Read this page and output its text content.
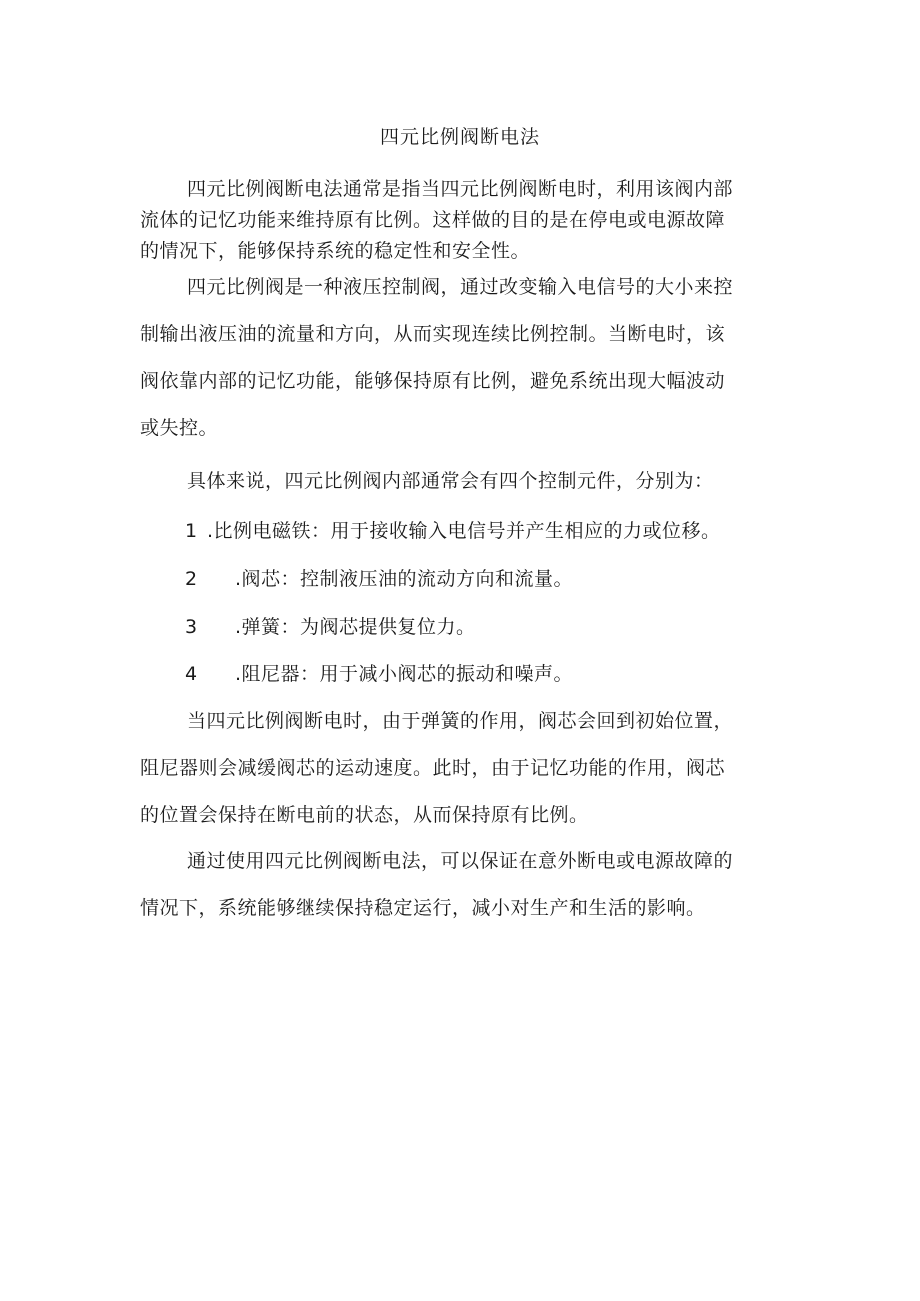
四元比例阀断电法

四元比例阀断电法通常是指当四元比例阀断电时，利用该阀内部
流体的记忆功能来维持原有比例。这样做的目的是在停电或电源故障
的情况下，能够保持系统的稳定性和安全性。

四元比例阀是一种液压控制阀，通过改变输入电信号的大小来控
制输出液压油的流量和方向，从而实现连续比例控制。当断电时，该
阀依靠内部的记忆功能，能够保持原有比例，避免系统出现大幅波动
或失控。

具体来说，四元比例阀内部通常会有四个控制元件，分别为：

1 .比例电磁铁：用于接收输入电信号并产生相应的力或位移。
2 .阀芯：控制液压油的流动方向和流量。
3 .弹簧：为阀芯提供复位力。
4 .阻尼器：用于减小阀芯的振动和噪声。

当四元比例阀断电时，由于弹簧的作用，阀芯会回到初始位置，
阻尼器则会减缓阀芯的运动速度。此时，由于记忆功能的作用，阀芯
的位置会保持在断电前的状态，从而保持原有比例。

通过使用四元比例阀断电法，可以保证在意外断电或电源故障的
情况下，系统能够继续保持稳定运行，减小对生产和生活的影响。
